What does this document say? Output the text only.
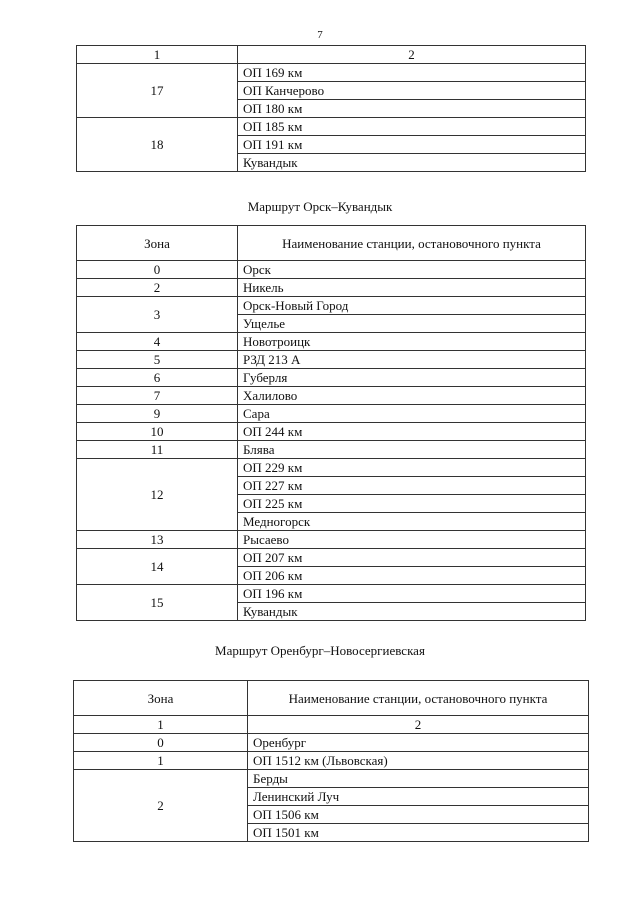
7
1	2
17	ОП 169 км
	ОП Канчерово
	ОП 180 км
18	ОП 185 км
	ОП 191 км
	Кувандык
Маршрут Орск–Кувандык
Зона	Наименование станции, остановочного пункта
0	Орск
2	Никель
3	Орск-Новый Город
	Ущелье
4	Новотроицк
5	РЗД 213 А
6	Губерля
7	Халилово
9	Сара
10	ОП 244 км
11	Блява
12	ОП 229 км
	ОП 227 км
	ОП 225 км
	Медногорск
13	Рысаево
14	ОП 207 км
	ОП 206 км
15	ОП 196 км
	Кувандык
Маршрут Оренбург–Новосергиевская
Зона	Наименование станции, остановочного пункта
1	2
0	Оренбург
1	ОП 1512 км (Львовская)
2	Берды
	Ленинский Луч
	ОП 1506 км
	ОП 1501 км
